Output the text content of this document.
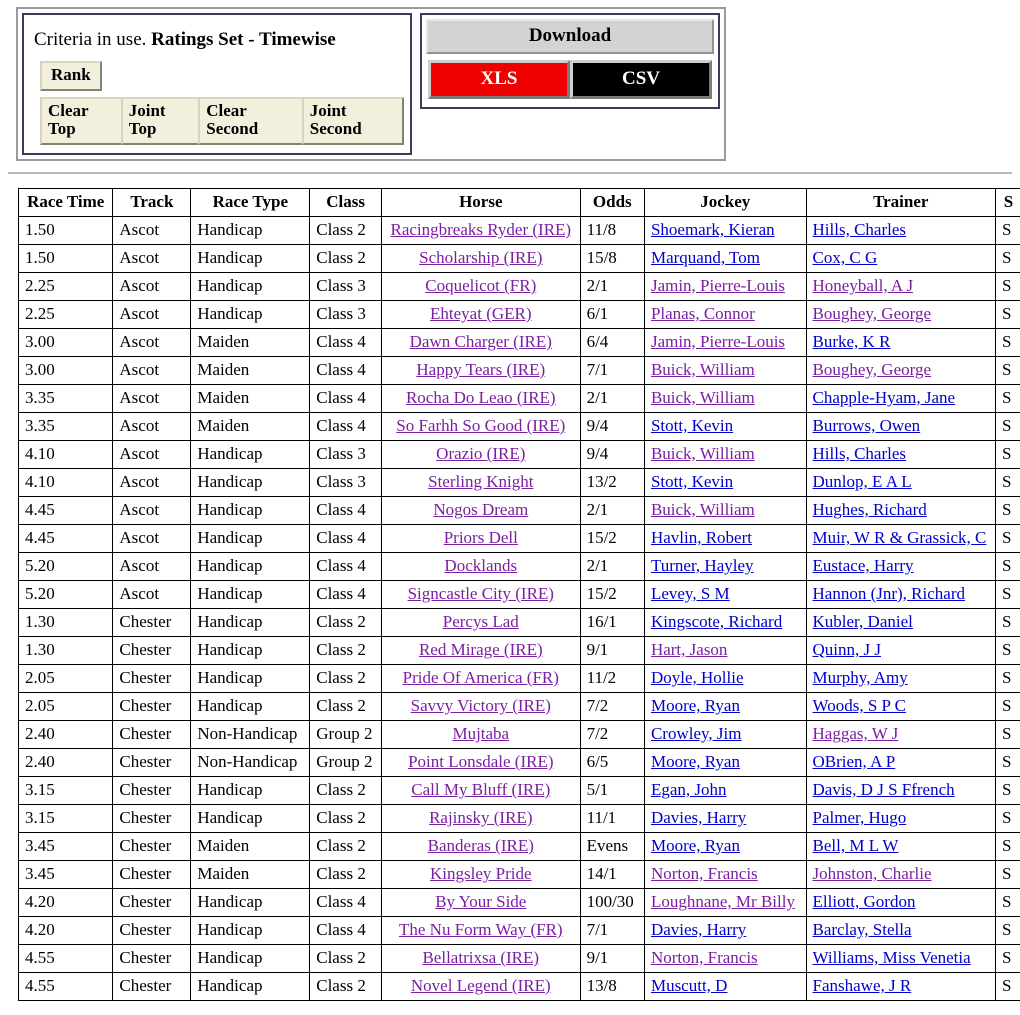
Criteria in use. Ratings Set - Timewise
Rank
Clear Top
Joint Top
Clear Second
Joint Second
Download
XLS	CSV
Race Time	Track	Race Type	Class	Horse	Odds	Jockey	Trainer	S
1.50	Ascot	Handicap	Class 2	Racingbreaks Ryder (IRE)	11/8	Shoemark, Kieran	Hills, Charles	S
1.50	Ascot	Handicap	Class 2	Scholarship (IRE)	15/8	Marquand, Tom	Cox, C G	S
2.25	Ascot	Handicap	Class 3	Coquelicot (FR)	2/1	Jamin, Pierre-Louis	Honeyball, A J	S
2.25	Ascot	Handicap	Class 3	Ehteyat (GER)	6/1	Planas, Connor	Boughey, George	S
3.00	Ascot	Maiden	Class 4	Dawn Charger (IRE)	6/4	Jamin, Pierre-Louis	Burke, K R	S
3.00	Ascot	Maiden	Class 4	Happy Tears (IRE)	7/1	Buick, William	Boughey, George	S
3.35	Ascot	Maiden	Class 4	Rocha Do Leao (IRE)	2/1	Buick, William	Chapple-Hyam, Jane	S
3.35	Ascot	Maiden	Class 4	So Farhh So Good (IRE)	9/4	Stott, Kevin	Burrows, Owen	S
4.10	Ascot	Handicap	Class 3	Orazio (IRE)	9/4	Buick, William	Hills, Charles	S
4.10	Ascot	Handicap	Class 3	Sterling Knight	13/2	Stott, Kevin	Dunlop, E A L	S
4.45	Ascot	Handicap	Class 4	Nogos Dream	2/1	Buick, William	Hughes, Richard	S
4.45	Ascot	Handicap	Class 4	Priors Dell	15/2	Havlin, Robert	Muir, W R & Grassick, C	S
5.20	Ascot	Handicap	Class 4	Docklands	2/1	Turner, Hayley	Eustace, Harry	S
5.20	Ascot	Handicap	Class 4	Signcastle City (IRE)	15/2	Levey, S M	Hannon (Jnr), Richard	S
1.30	Chester	Handicap	Class 2	Percys Lad	16/1	Kingscote, Richard	Kubler, Daniel	S
1.30	Chester	Handicap	Class 2	Red Mirage (IRE)	9/1	Hart, Jason	Quinn, J J	S
2.05	Chester	Handicap	Class 2	Pride Of America (FR)	11/2	Doyle, Hollie	Murphy, Amy	S
2.05	Chester	Handicap	Class 2	Savvy Victory (IRE)	7/2	Moore, Ryan	Woods, S P C	S
2.40	Chester	Non-Handicap	Group 2	Mujtaba	7/2	Crowley, Jim	Haggas, W J	S
2.40	Chester	Non-Handicap	Group 2	Point Lonsdale (IRE)	6/5	Moore, Ryan	OBrien, A P	S
3.15	Chester	Handicap	Class 2	Call My Bluff (IRE)	5/1	Egan, John	Davis, D J S Ffrench	S
3.15	Chester	Handicap	Class 2	Rajinsky (IRE)	11/1	Davies, Harry	Palmer, Hugo	S
3.45	Chester	Maiden	Class 2	Banderas (IRE)	Evens	Moore, Ryan	Bell, M L W	S
3.45	Chester	Maiden	Class 2	Kingsley Pride	14/1	Norton, Francis	Johnston, Charlie	S
4.20	Chester	Handicap	Class 4	By Your Side	100/30	Loughnane, Mr Billy	Elliott, Gordon	S
4.20	Chester	Handicap	Class 4	The Nu Form Way (FR)	7/1	Davies, Harry	Barclay, Stella	S
4.55	Chester	Handicap	Class 2	Bellatrixsa (IRE)	9/1	Norton, Francis	Williams, Miss Venetia	S
4.55	Chester	Handicap	Class 2	Novel Legend (IRE)	13/8	Muscutt, D	Fanshawe, J R	S
